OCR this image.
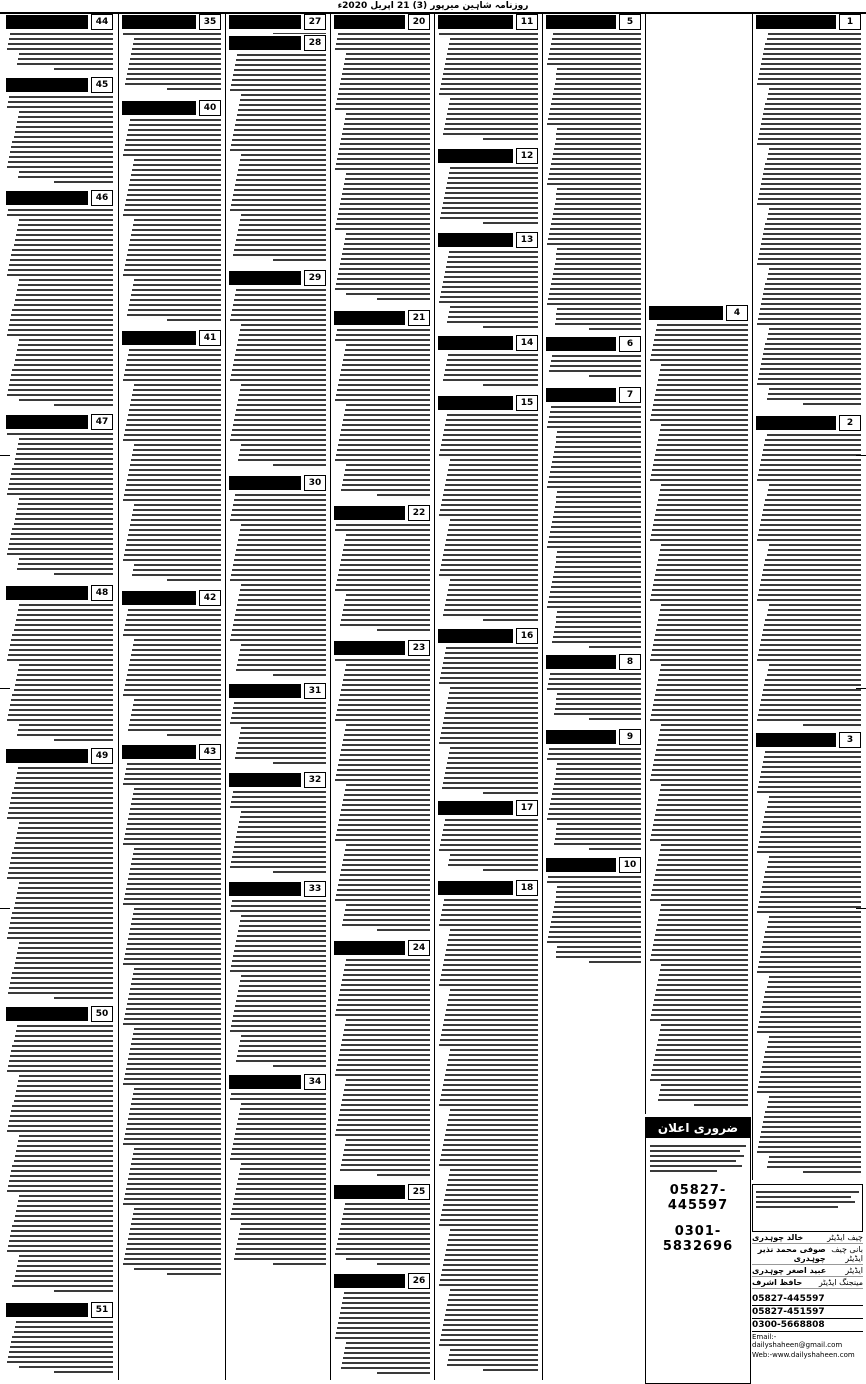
روزنامہ شاہین میرپور (3) 21 اپریل 2020ء
1
2
3
4
5
6
7
8
9
10
11
12
13
14
15
16
17
18
20
21
22
23
24
25
26
27
28
29
30
31
32
33
34
35
40
41
42
43
44
45
46
47
48
49
50
51
ضروری اعلان
05827-445597
0301-5832696
چیف ایڈیٹر
خالد چوہدری
بانی چیف ایڈیٹر
صوفی محمد نذیر چوہدری
ایڈیٹر
عبید اصغر چوہدری
مینجنگ ایڈیٹر
حافظ اشرف
05827-445597
05827-451597
0300-5668808
Email:-dailyshaheen@gmail.com
Web:-www.dailyshaheen.com
